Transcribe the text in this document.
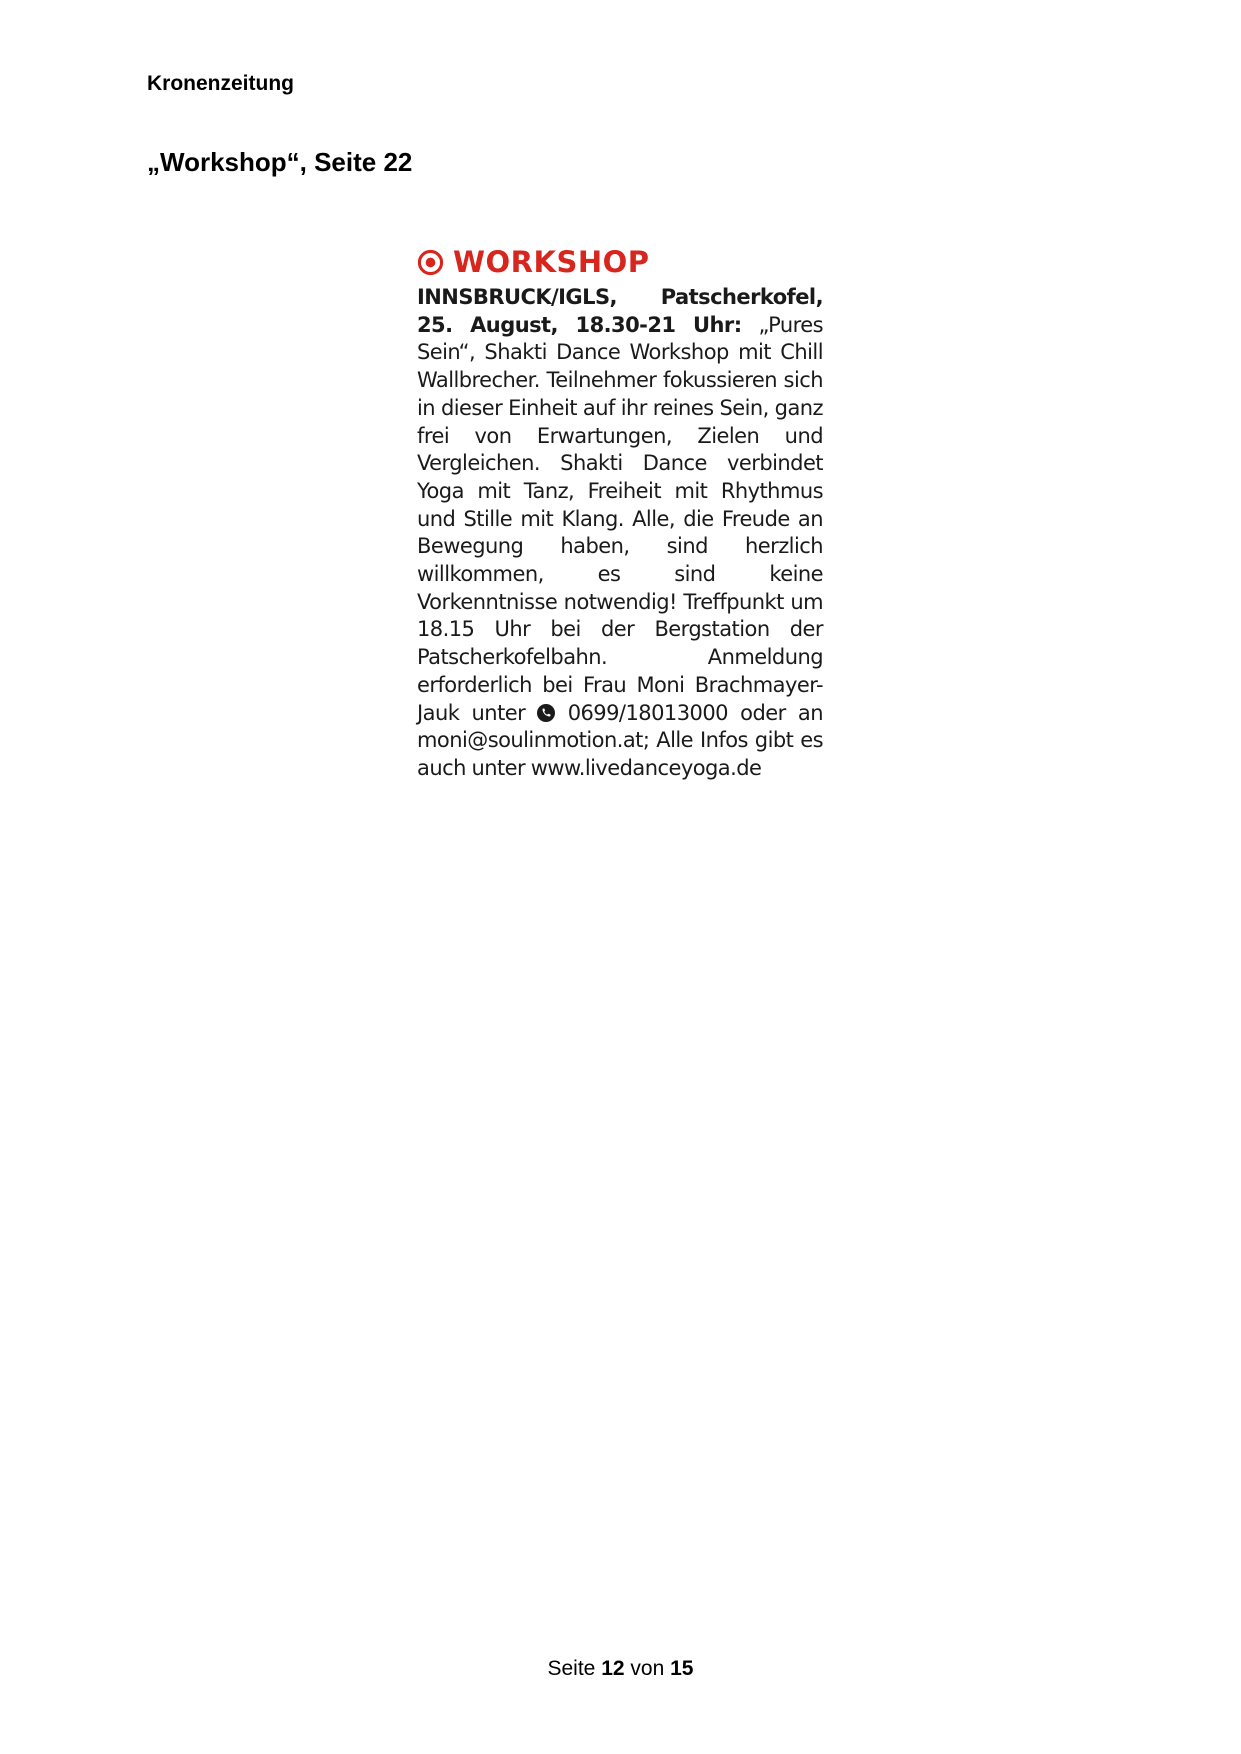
Kronenzeitung
„Workshop“, Seite 22
WORKSHOP
INNSBRUCK/IGLS, Patscherkofel, 25. August, 18.30-21 Uhr: „Pures Sein“, Shakti Dance Workshop mit Chill Wallbrecher. Teilnehmer fokussieren sich in dieser Einheit auf ihr reines Sein, ganz frei von Erwartungen, Zielen und Vergleichen. Shakti Dance verbindet Yoga mit Tanz, Freiheit mit Rhythmus und Stille mit Klang. Alle, die Freude an Bewegung haben, sind herzlich willkommen, es sind keine Vorkenntnisse notwendig! Treffpunkt um 18.15 Uhr bei der Bergstation der Patscherkofelbahn. Anmeldung erforderlich bei Frau Moni Brachmayer-Jauk unter 0699/18013000 oder an moni@soulinmotion.at; Alle Infos gibt es auch unter www.livedanceyoga.de
Seite 12 von 15
